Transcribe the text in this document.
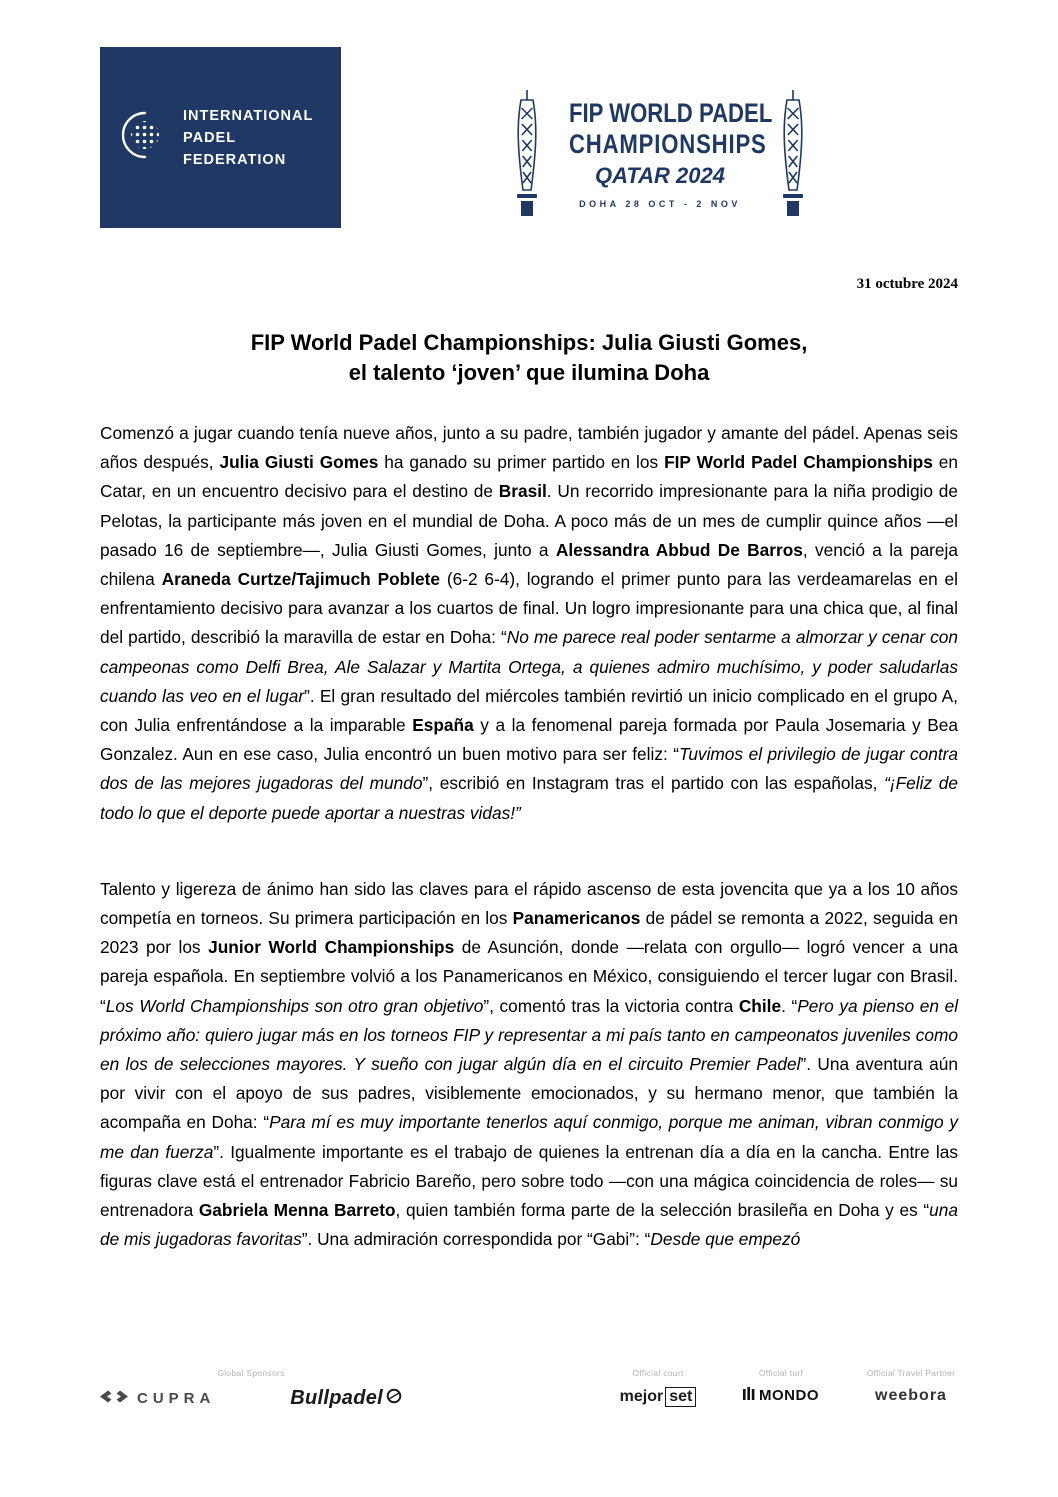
INTERNATIONAL
PADEL
FEDERATION
FIP WORLD PADEL
CHAMPIONSHIPS
QATAR 2024
DOHA 28 OCT - 2 NOV
31 octubre 2024
FIP World Padel Championships: Julia Giusti Gomes,
el talento ‘joven’ que ilumina Doha

Comenzó a jugar cuando tenía nueve años, junto a su padre, también jugador y amante del pádel. Apenas seis años después, Julia Giusti Gomes ha ganado su primer partido en los FIP World Padel Championships en Catar, en un encuentro decisivo para el destino de Brasil. Un recorrido impresionante para la niña prodigio de Pelotas, la participante más joven en el mundial de Doha. A poco más de un mes de cumplir quince años —el pasado 16 de septiembre—, Julia Giusti Gomes, junto a Alessandra Abbud De Barros, venció a la pareja chilena Araneda Curtze/Tajimuch Poblete (6-2 6-4), logrando el primer punto para las verdeamarelas en el enfrentamiento decisivo para avanzar a los cuartos de final. Un logro impresionante para una chica que, al final del partido, describió la maravilla de estar en Doha: “No me parece real poder sentarme a almorzar y cenar con campeonas como Delfi Brea, Ale Salazar y Martita Ortega, a quienes admiro muchísimo, y poder saludarlas cuando las veo en el lugar”. El gran resultado del miércoles también revirtió un inicio complicado en el grupo A, con Julia enfrentándose a la imparable España y a la fenomenal pareja formada por Paula Josemaria y Bea Gonzalez. Aun en ese caso, Julia encontró un buen motivo para ser feliz: “Tuvimos el privilegio de jugar contra dos de las mejores jugadoras del mundo”, escribió en Instagram tras el partido con las españolas, “¡Feliz de todo lo que el deporte puede aportar a nuestras vidas!”

Talento y ligereza de ánimo han sido las claves para el rápido ascenso de esta jovencita que ya a los 10 años competía en torneos. Su primera participación en los Panamericanos de pádel se remonta a 2022, seguida en 2023 por los Junior World Championships de Asunción, donde —relata con orgullo— logró vencer a una pareja española. En septiembre volvió a los Panamericanos en México, consiguiendo el tercer lugar con Brasil. “Los World Championships son otro gran objetivo”, comentó tras la victoria contra Chile. “Pero ya pienso en el próximo año: quiero jugar más en los torneos FIP y representar a mi país tanto en campeonatos juveniles como en los de selecciones mayores. Y sueño con jugar algún día en el circuito Premier Padel”. Una aventura aún por vivir con el apoyo de sus padres, visiblemente emocionados, y su hermano menor, que también la acompaña en Doha: “Para mí es muy importante tenerlos aquí conmigo, porque me animan, vibran conmigo y me dan fuerza”. Igualmente importante es el trabajo de quienes la entrenan día a día en la cancha. Entre las figuras clave está el entrenador Fabricio Bareño, pero sobre todo —con una mágica coincidencia de roles— su entrenadora Gabriela Menna Barreto, quien también forma parte de la selección brasileña en Doha y es “una de mis jugadoras favoritas”. Una admiración correspondida por “Gabi”: “Desde que empezó

Global Sponsors
CUPRA	Bullpadel
Official court
mejor set
Official turf
MONDO
Official Travel Partner
weebora
